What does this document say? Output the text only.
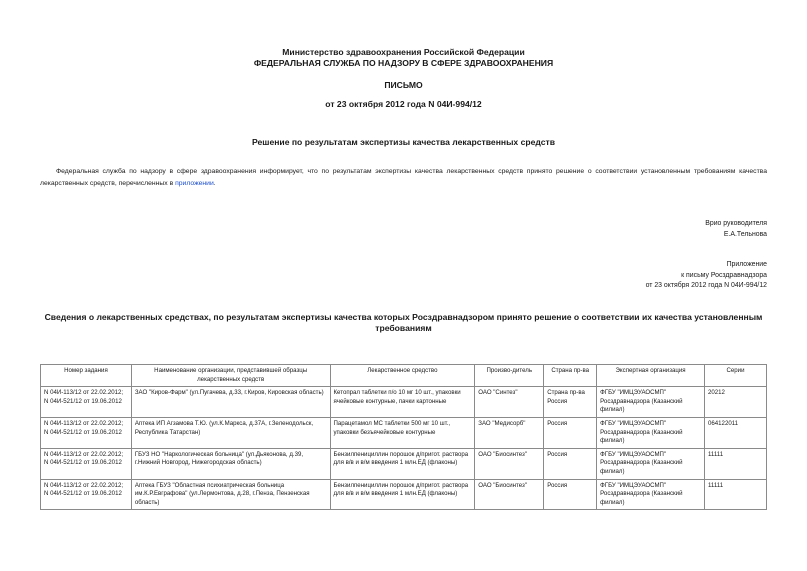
Министерство здравоохранения Российской Федерации
ФЕДЕРАЛЬНАЯ СЛУЖБА ПО НАДЗОРУ В СФЕРЕ ЗДРАВООХРАНЕНИЯ
ПИСЬМО
от 23 октября 2012 года N 04И-994/12
Решение по результатам экспертизы качества лекарственных средств
Федеральная служба по надзору в сфере здравоохранения информирует, что по результатам экспертизы качества лекарственных средств принято решение о соответствии установленным требованиям качества лекарственных средств, перечисленных в приложении.
Врио руководителя
Е.А.Тельнова
Приложение
к письму Росздравнадзора
от 23 октября 2012 года N 04И-994/12
Сведения о лекарственных средствах, по результатам экспертизы качества которых Росздравнадзором принято решение о соответствии их качества установленным требованиям
Номер задания	Наименование организации, представившей образцы лекарственных средств	Лекарственное средство	Произво-дитель	Страна пр-ва	Экспертная организация	Серии
N 04И-113/12 от 22.02.2012; N 04И-521/12 от 19.06.2012	ЗАО "Киров-Фарм" (ул.Пугачева, д.33, г.Киров, Кировская область)	Кетопрал таблетки п/о 10 мг 10 шт., упаковки ячейковые контурные, пачки картонные	ОАО "Синтез"	Страна пр-ва Россия	ФГБУ "ИМЦЭУАОСМП" Росздравнадзора (Казанский филиал)	20212
N 04И-113/12 от 22.02.2012; N 04И-521/12 от 19.06.2012	Аптека ИП Агзамова Т.Ю. (ул.К.Маркса, д.37А, г.Зеленодольск, Республика Татарстан)	Парацетамол МС таблетки 500 мг 10 шт., упаковки безъячейковые контурные	ЗАО "Медисорб"	Россия	ФГБУ "ИМЦЭУАОСМП" Росздравнадзора (Казанский филиал)	064122011
N 04И-113/12 от 22.02.2012; N 04И-521/12 от 19.06.2012	ГБУЗ НО "Наркологическая больница" (ул.Дьяконова, д.39, г.Нижний Новгород, Нижегородская область)	Бензилпенициллин порошок д/пригот. раствора для в/в и в/м введения 1 млн.ЕД (флаконы)	ОАО "Биосинтез"	Россия	ФГБУ "ИМЦЭУАОСМП" Росздравнадзора (Казанский филиал)	11111
N 04И-113/12 от 22.02.2012; N 04И-521/12 от 19.06.2012	Аптека ГБУЗ "Областная психиатрическая больница им.К.Р.Евграфова" (ул.Лермонтова, д.28, г.Пенза, Пензенская область)	Бензилпенициллин порошок д/пригот. раствора для в/в и в/м введения 1 млн.ЕД (флаконы)	ОАО "Биосинтез"	Россия	ФГБУ "ИМЦЭУАОСМП" Росздравнадзора (Казанский филиал)	11111
